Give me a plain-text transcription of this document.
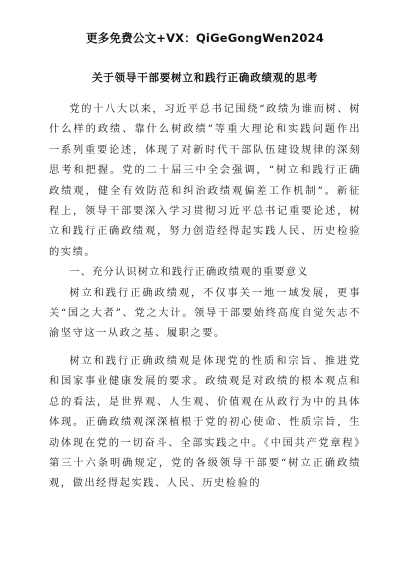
更多免费公文+VX：QiGeGongWen2024
关于领导干部要树立和践行正确政绩观的思考

党的十八大以来，习近平总书记围绕“政绩为谁而树、树什么样的政绩、靠什么树政绩”等重大理论和实践问题作出一系列重要论述，体现了对新时代干部队伍建设规律的深刻思考和把握。党的二十届三中全会强调，“树立和践行正确政绩观，健全有效防范和纠治政绩观偏差工作机制”。新征程上，领导干部要深入学习贯彻习近平总书记重要论述，树立和践行正确政绩观，努力创造经得起实践人民、历史检验的实绩。

一、充分认识树立和践行正确政绩观的重要意义

树立和践行正确政绩观，不仅事关一地一域发展，更事关“国之大者”、党之大计。领导干部要始终高度自觉矢志不渝坚守这一从政之基、履职之要。

树立和践行正确政绩观是体现党的性质和宗旨、推进党和国家事业健康发展的要求。政绩观是对政绩的根本观点和总的看法，是世界观、人生观、价值观在从政行为中的具体体现。正确政绩观深深植根于党的初心使命、性质宗旨，生动体现在党的一切奋斗、全部实践之中。《中国共产党章程》第三十六条明确规定，党的各级领导干部要“树立正确政绩观，做出经得起实践、人民、历史检验的
